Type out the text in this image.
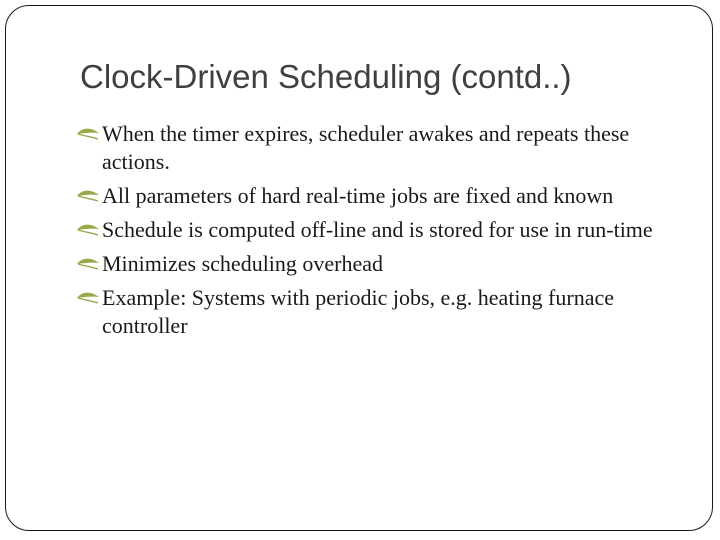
Clock-Driven Scheduling (contd..)
When the timer expires, scheduler awakes and repeats these actions.
All parameters of hard real-time jobs are fixed and known
Schedule is computed off-line and is stored for use in run-time
Minimizes scheduling overhead
Example: Systems with periodic jobs, e.g. heating furnace controller
